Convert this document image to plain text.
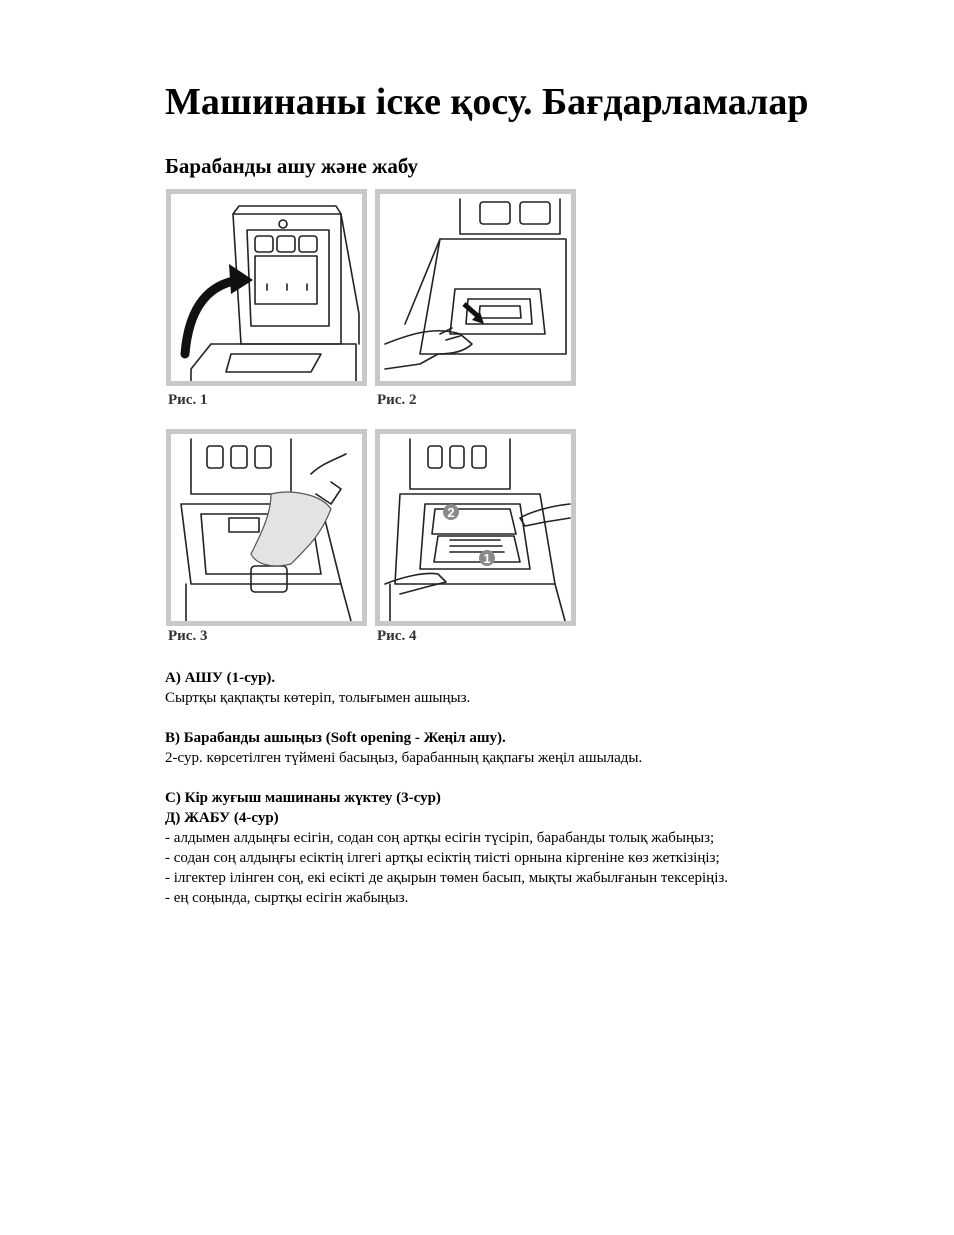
Машинаны іске қосу. Бағдарламалар
Барабанды ашу және жабу
Рис. 1	Рис. 2
Рис. 3
2
1
Рис. 4

А) АШУ (1-сур).

Сыртқы қақпақты көтеріп, толығымен ашыңыз.

В) Барабанды ашыңыз (Soft opening - Жеңіл ашу).

2-сур. көрсетілген түймені басыңыз, барабанның қақпағы жеңіл ашылады.

С) Кір жуғыш машинаны жүктеу (3-сур)

Д) ЖАБУ (4-сур)

- алдымен алдыңғы есігін, содан соң артқы есігін түсіріп, барабанды толық жабыңыз;

- содан соң алдыңғы есіктің ілгегі артқы есіктің тиісті орнына кіргеніне көз жеткізіңіз;

- ілгектер ілінген соң, екі есікті де ақырын төмен басып, мықты жабылғанын тексеріңіз.

- ең соңында, сыртқы есігін жабыңыз.
